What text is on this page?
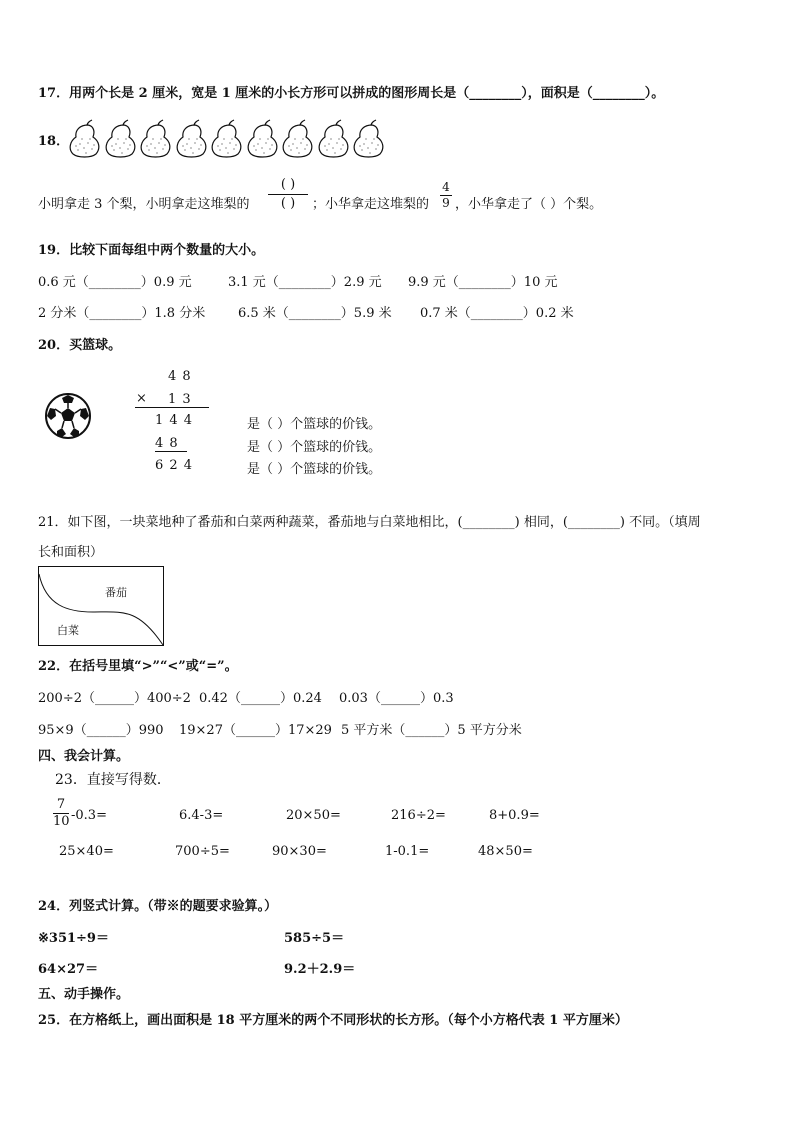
17．用两个长是 2 厘米，宽是 1 厘米的小长方形可以拼成的图形周长是（________），面积是（________）。
18．
小明拿走 3 个梨，小明拿走这堆梨的
( )
( )	；小华拿走这堆梨的
4
9 ，小华拿走了（ ）个梨。
19．比较下面每组中两个数量的大小。
0.6 元（________）0.9 元	3.1 元（________）2.9 元 9.9 元（________）10 元
2 分米（________）1.8 分米	6.5 米（________）5.9 米 0.7 米（________）0.2 米
20．买篮球。
4 8
× 1 3
1 4 4
4 8
6 2 4
是（ ）个篮球的价钱。
是（ ）个篮球的价钱。
是（ ）个篮球的价钱。
21．如下图，一块菜地种了番茄和白菜两种蔬菜，番茄地与白菜地相比，(________) 相同，(________) 不同。（填周
长和面积）
番茄
白菜
22．在括号里填“>”“<”或“=”。
200÷2（______）400÷2 0.42（______）0.24 0.03（______）0.3
95×9（______）990 19×27（______）17×29 5 平方米（______）5 平方分米
四、我会计算。
23．直接写得数．
7
10 -0.3=	6.4-3=	20×50=	216÷2=	8+0.9=
25×40=	700÷5=	90×30=	1-0.1=	48×50=
24．列竖式计算。（带※的题要求验算。）
※351÷9＝	585÷5＝
64×27＝	9.2＋2.9＝
五、动手操作。
25．在方格纸上，画出面积是 18 平方厘米的两个不同形状的长方形。（每个小方格代表 1 平方厘米）
